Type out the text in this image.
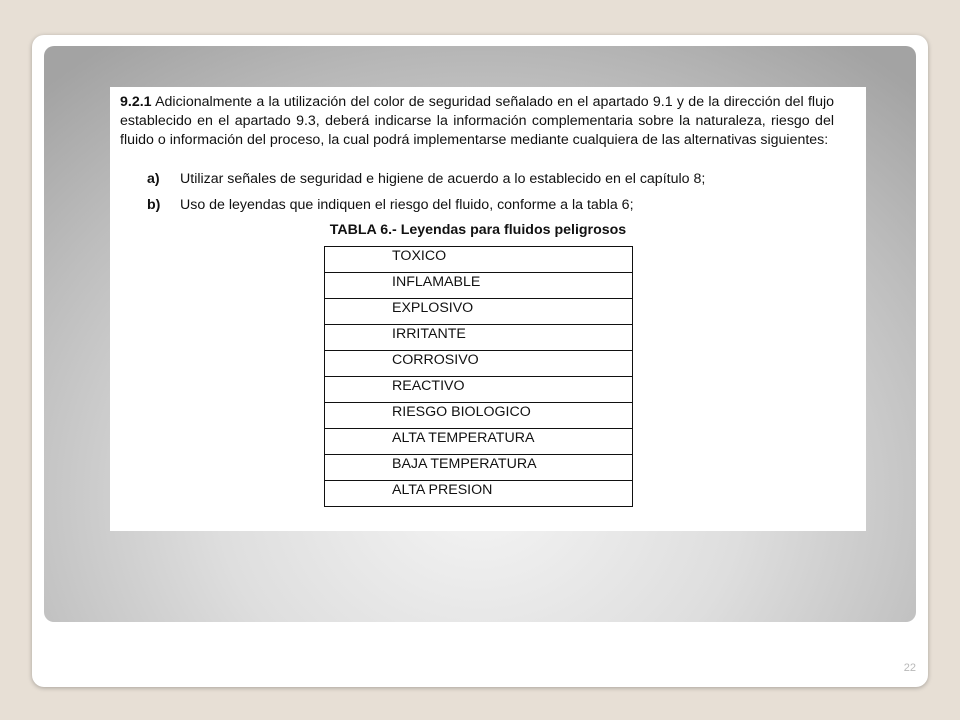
22

9.2.1 Adicionalmente a la utilización del color de seguridad señalado en el apartado 9.1 y de la dirección del flujo establecido en el apartado 9.3, deberá indicarse la información complementaria sobre la naturaleza, riesgo del fluido o información del proceso, la cual podrá implementarse mediante cualquiera de las alternativas siguientes:

a) Utilizar señales de seguridad e higiene de acuerdo a lo establecido en el capítulo 8;

b) Uso de leyendas que indiquen el riesgo del fluido, conforme a la tabla 6;

TABLA 6.- Leyendas para fluidos peligrosos

TOXICO
INFLAMABLE
EXPLOSIVO
IRRITANTE
CORROSIVO
REACTIVO
RIESGO BIOLOGICO
ALTA TEMPERATURA
BAJA TEMPERATURA
ALTA PRESION
